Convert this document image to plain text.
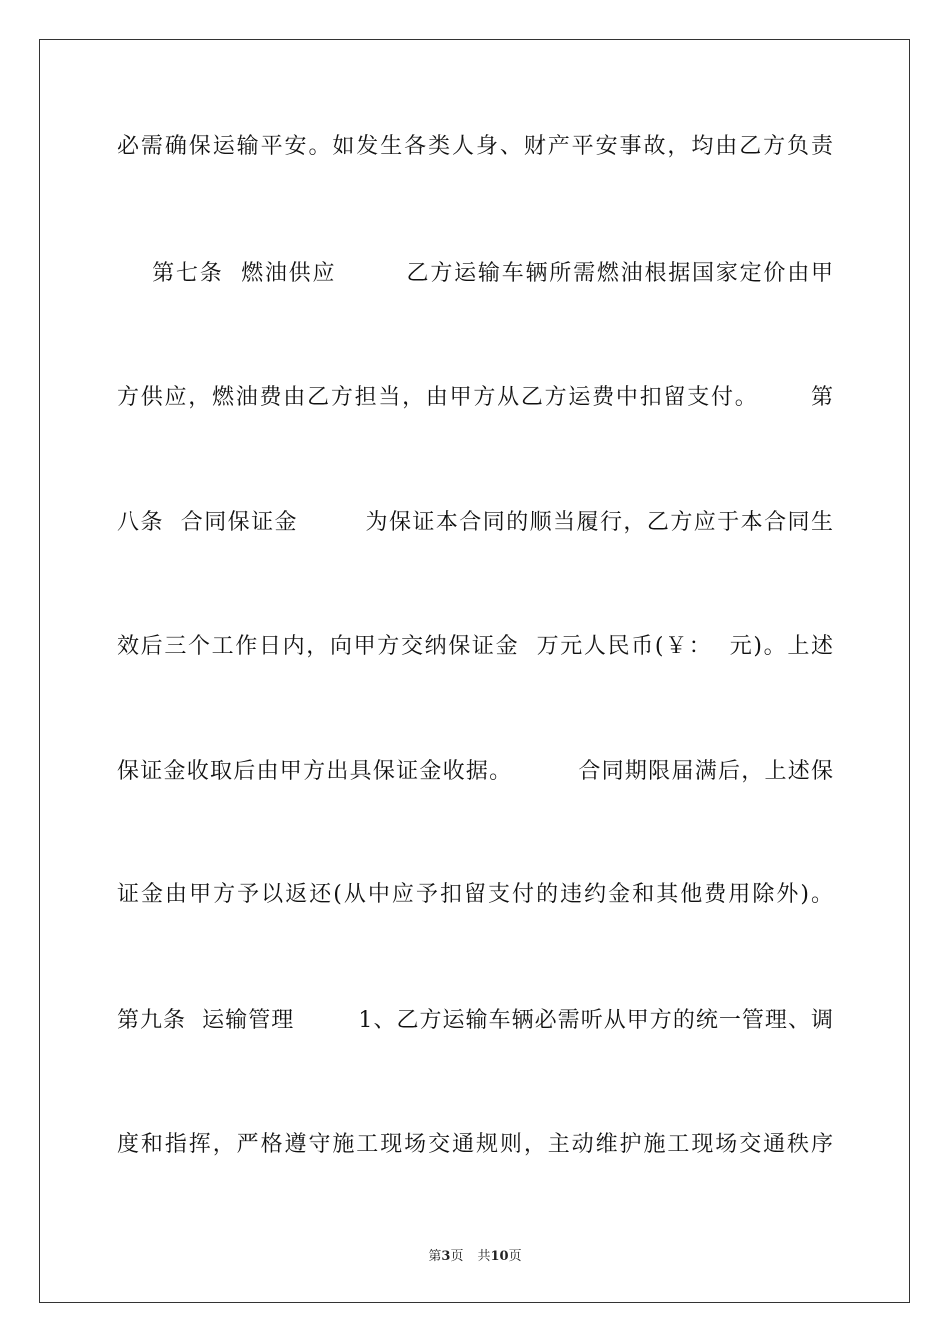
必需确保运输平安。如发生各类人身、财产平安事故，均由乙方负责
第七条  燃油供应        乙方运输车辆所需燃油根据国家定价由甲
方供应，燃油费由乙方担当，由甲方从乙方运费中扣留支付。      第
八条  合同保证金        为保证本合同的顺当履行，乙方应于本合同生
效后三个工作日内，向甲方交纳保证金  万元人民币(￥：  元)。上述
保证金收取后由甲方出具保证金收据。        合同期限届满后，上述保
证金由甲方予以返还(从中应予扣留支付的违约金和其他费用除外)。
第九条  运输管理        1、乙方运输车辆必需听从甲方的统一管理、调
度和指挥，严格遵守施工现场交通规则，主动维护施工现场交通秩序
第3页 共10页
